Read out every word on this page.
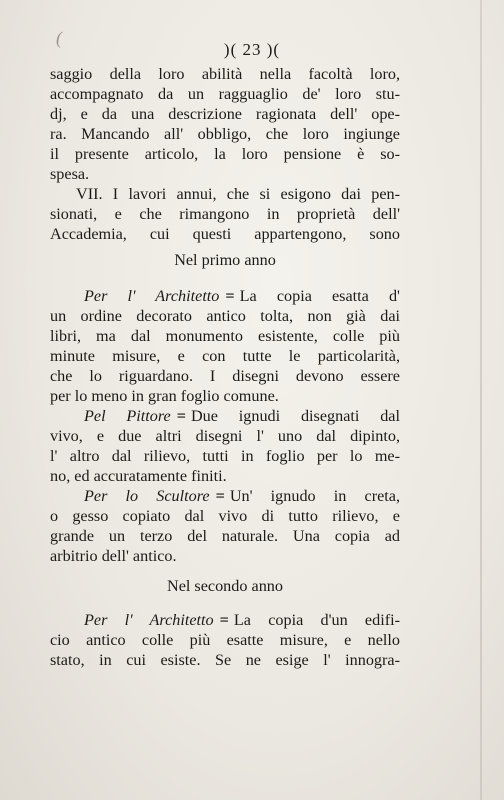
(
)( 23 )(
saggio della loro abilità nella facoltà loro,
accompagnato da un ragguaglio de' loro stu-
dj, e da una descrizione ragionata dell' ope-
ra. Mancando all' obbligo, che loro ingiunge
il presente articolo, la loro pensione è so-
spesa.
VII. I lavori annui, che si esigono dai pen-
sionati, e che rimangono in proprietà dell'
Accademia, cui questi appartengono, sono
Nel primo anno
Per l' Architetto = La copia esatta d'
un ordine decorato antico tolta, non già dai
libri, ma dal monumento esistente, colle più
minute misure, e con tutte le particolarità,
che lo riguardano. I disegni devono essere
per lo meno in gran foglio comune.
Pel Pittore = Due ignudi disegnati dal
vivo, e due altri disegni l' uno dal dipinto,
l' altro dal rilievo, tutti in foglio per lo me-
no, ed accuratamente finiti.
Per lo Scultore = Un' ignudo in creta,
o gesso copiato dal vivo di tutto rilievo, e
grande un terzo del naturale. Una copia ad
arbitrio dell' antico.
Nel secondo anno
Per l' Architetto = La copia d'un edifi-
cio antico colle più esatte misure, e nello
stato, in cui esiste. Se ne esige l' innogra-
